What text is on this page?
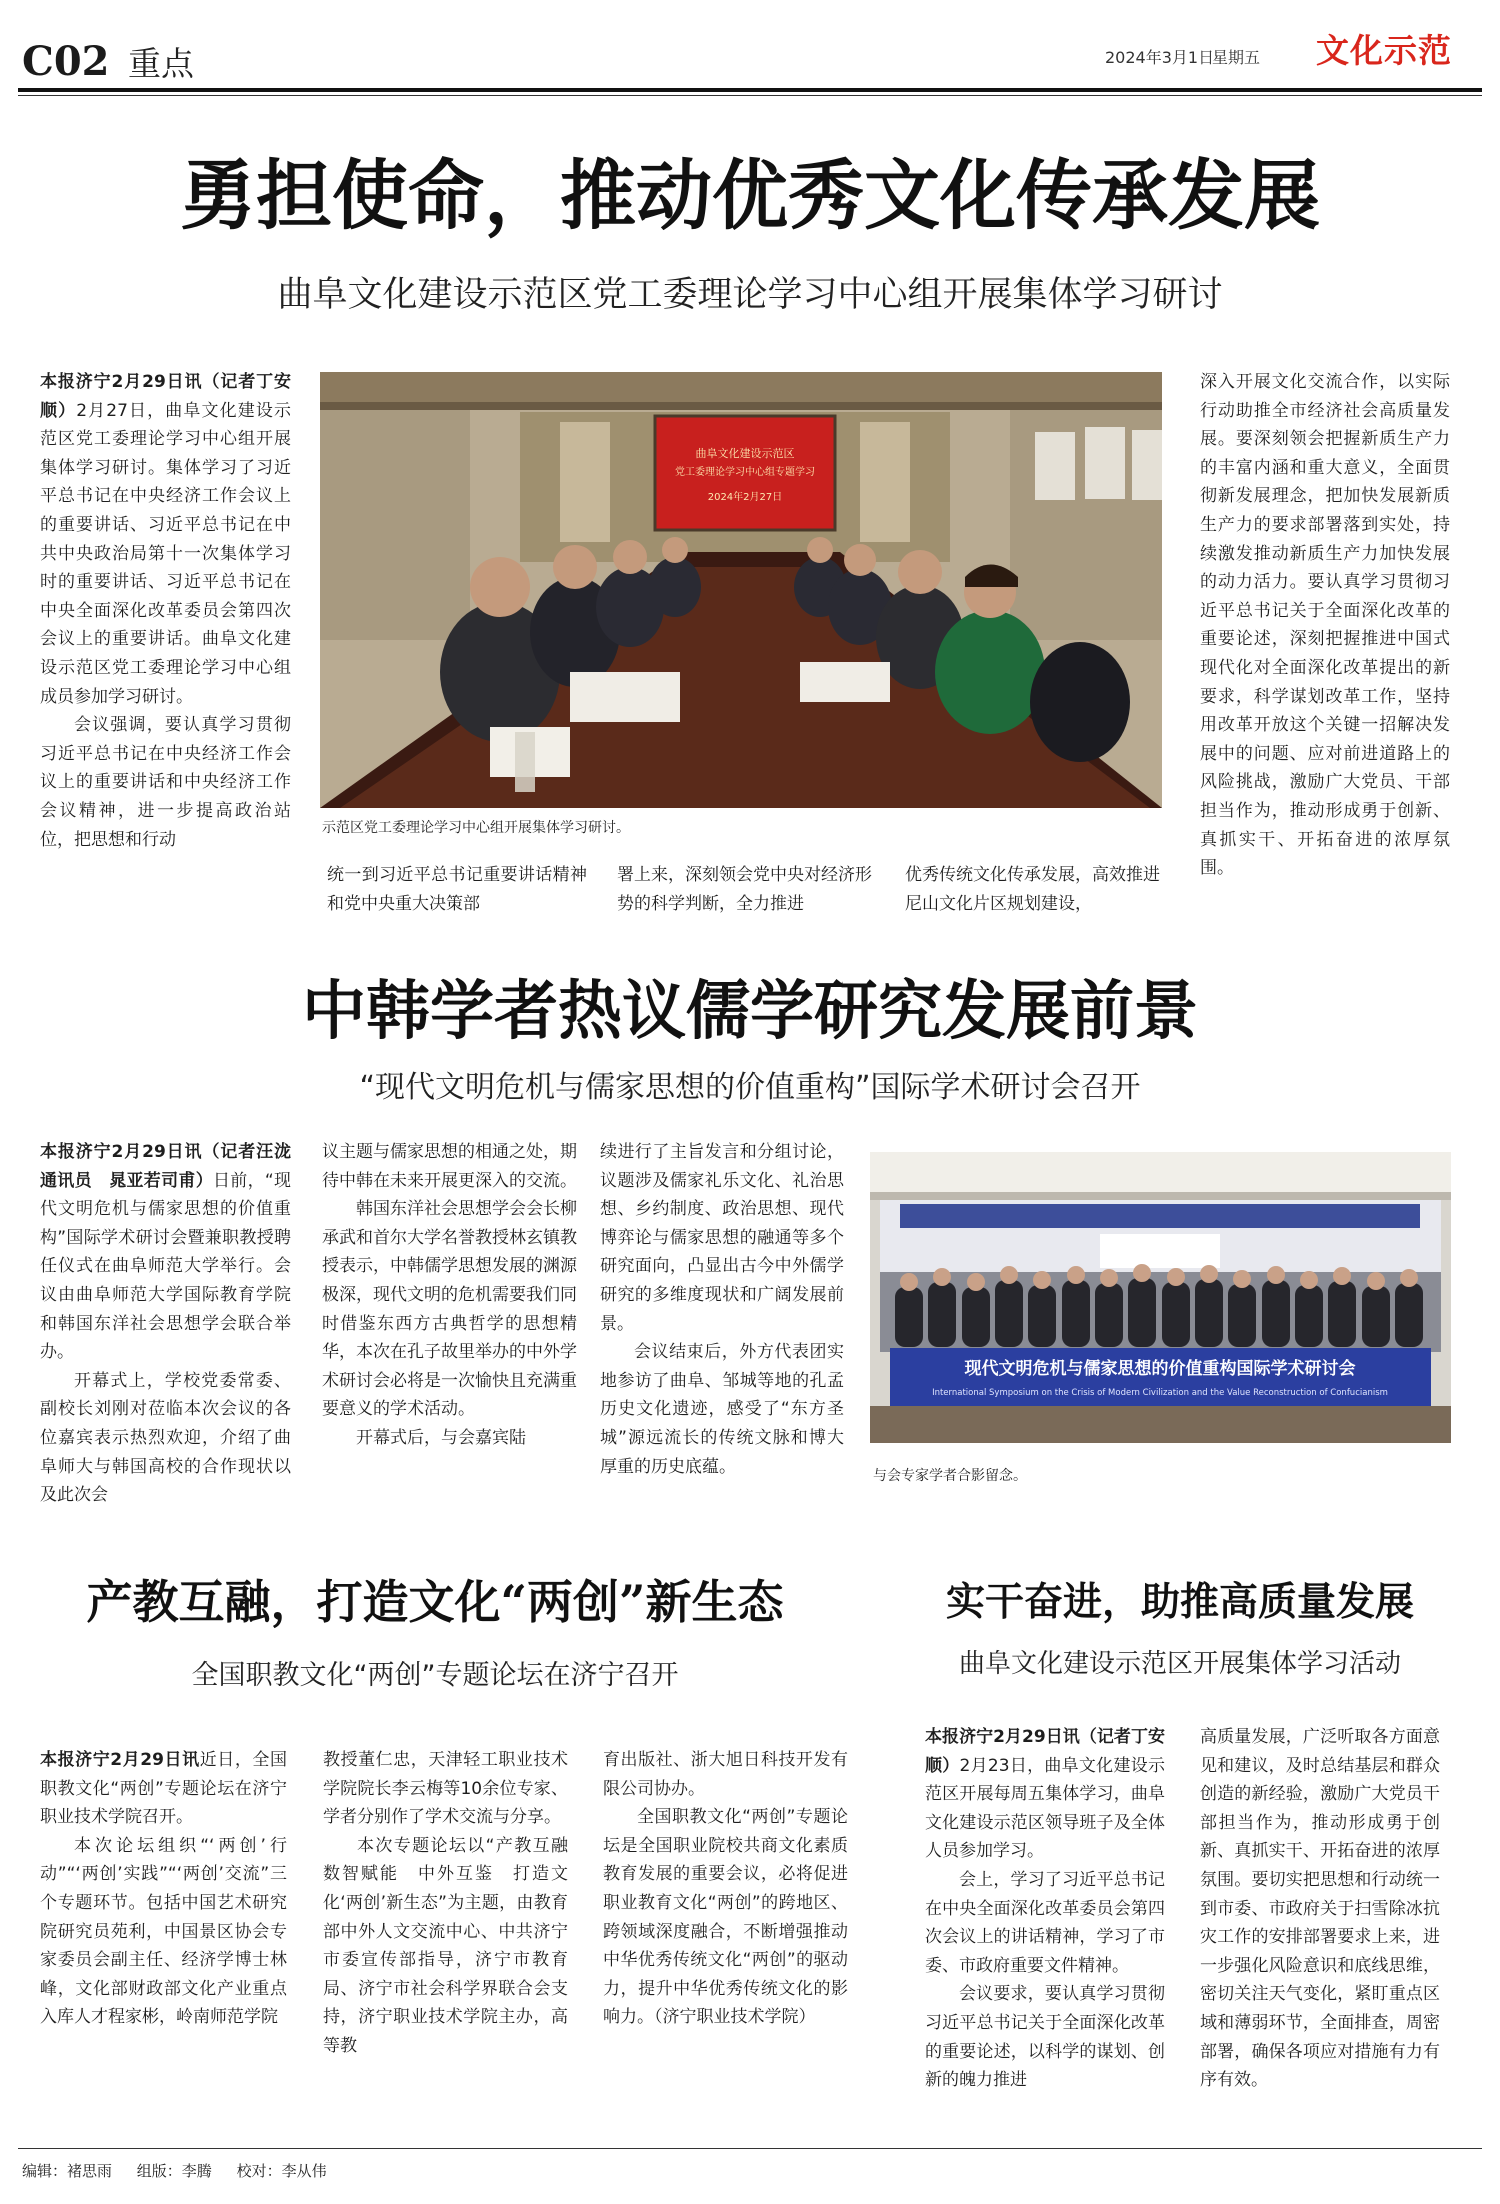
C02 重点	2024年3月1日
星期五 文化示范
勇担使命，推动优秀文化传承发展
曲阜文化建设示范区党工委理论学习中心组开展集体学习研讨

本报济宁2月29日讯（记者丁安顺）2月27日，曲阜文化建设示范区党工委理论学习中心组开展集体学习研讨。集体学习了习近平总书记在中央经济工作会议上的重要讲话、习近平总书记在中共中央政治局第十一次集体学习时的重要讲话、习近平总书记在中央全面深化改革委员会第四次会议上的重要讲话。曲阜文化建设示范区党工委理论学习中心组成员参加学习研讨。

会议强调，要认真学习贯彻习近平总书记在中央经济工作会议上的重要讲话和中央经济工作会议精神，进一步提高政治站位，把思想和行动

曲阜文化建设示范区
党工委理论学习中心组专题学习
2024年2月27日
示范区党工委理论学习中心组开展集体学习研讨。

统一到习近平总书记重要讲话精神和党中央重大决策部

署上来，深刻领会党中央对经济形势的科学判断，全力推进

优秀传统文化传承发展，高效推进尼山文化片区规划建设，

深入开展文化交流合作，以实际行动助推全市经济社会高质量发展。要深刻领会把握新质生产力的丰富内涵和重大意义，全面贯彻新发展理念，把加快发展新质生产力的要求部署落到实处，持续激发推动新质生产力加快发展的动力活力。要认真学习贯彻习近平总书记关于全面深化改革的重要论述，深刻把握推进中国式现代化对全面深化改革提出的新要求，科学谋划改革工作，坚持用改革开放这个关键一招解决发展中的问题、应对前进道路上的风险挑战，激励广大党员、干部担当作为，推动形成勇于创新、真抓实干、开拓奋进的浓厚氛围。

中韩学者热议儒学研究发展前景
“现代文明危机与儒家思想的价值重构”国际学术研讨会召开

本报济宁2月29日讯（记者汪泷　通讯员　晁亚若司甫）日前，“现代文明危机与儒家思想的价值重构”国际学术研讨会暨兼职教授聘任仪式在曲阜师范大学举行。会议由曲阜师范大学国际教育学院和韩国东洋社会思想学会联合举办。

开幕式上，学校党委常委、副校长刘刚对莅临本次会议的各位嘉宾表示热烈欢迎，介绍了曲阜师大与韩国高校的合作现状以及此次会

议主题与儒家思想的相通之处，期待中韩在未来开展更深入的交流。

韩国东洋社会思想学会会长柳承武和首尔大学名誉教授林玄镇教授表示，中韩儒学思想发展的渊源极深，现代文明的危机需要我们同时借鉴东西方古典哲学的思想精华，本次在孔子故里举办的中外学术研讨会必将是一次愉快且充满重要意义的学术活动。

开幕式后，与会嘉宾陆

续进行了主旨发言和分组讨论，议题涉及儒家礼乐文化、礼治思想、乡约制度、政治思想、现代博弈论与儒家思想的融通等多个研究面向，凸显出古今中外儒学研究的多维度现状和广阔发展前景。

会议结束后，外方代表团实地参访了曲阜、邹城等地的孔孟历史文化遗迹，感受了“东方圣城”源远流长的传统文脉和博大厚重的历史底蕴。

现代文明危机与儒家思想的价值重构国际学术研讨会
International Symposium on the Crisis of Modern Civilization and the Value Reconstruction of Confucianism
与会专家学者合影留念。
产教互融，打造文化“两创”新生态
全国职教文化“两创”专题论坛在济宁召开

本报济宁2月29日讯近日，全国职教文化“两创”专题论坛在济宁职业技术学院召开。

本次论坛组织“‘两创’行动”“‘两创’实践”“‘两创’交流”三个专题环节。包括中国艺术研究院研究员苑利，中国景区协会专家委员会副主任、经济学博士林峰，文化部财政部文化产业重点入库人才程家彬，岭南师范学院

教授董仁忠，天津轻工职业技术学院院长李云梅等10余位专家、学者分别作了学术交流与分享。

本次专题论坛以“产教互融　数智赋能　中外互鉴　打造文化‘两创’新生态”为主题，由教育部中外人文交流中心、中共济宁市委宣传部指导，济宁市教育局、济宁市社会科学界联合会支持，济宁职业技术学院主办，高等教

育出版社、浙大旭日科技开发有限公司协办。

全国职教文化“两创”专题论坛是全国职业院校共商文化素质教育发展的重要会议，必将促进职业教育文化“两创”的跨地区、跨领域深度融合，不断增强推动中华优秀传统文化“两创”的驱动力，提升中华优秀传统文化的影响力。（济宁职业技术学院）

实干奋进，助推高质量发展
曲阜文化建设示范区开展集体学习活动

本报济宁2月29日讯（记者丁安顺）2月23日，曲阜文化建设示范区开展每周五集体学习，曲阜文化建设示范区领导班子及全体人员参加学习。

会上，学习了习近平总书记在中央全面深化改革委员会第四次会议上的讲话精神，学习了市委、市政府重要文件精神。

会议要求，要认真学习贯彻习近平总书记关于全面深化改革的重要论述，以科学的谋划、创新的魄力推进

高质量发展，广泛听取各方面意见和建议，及时总结基层和群众创造的新经验，激励广大党员干部担当作为，推动形成勇于创新、真抓实干、开拓奋进的浓厚氛围。要切实把思想和行动统一到市委、市政府关于扫雪除冰抗灾工作的安排部署要求上来，进一步强化风险意识和底线思维，密切关注天气变化，紧盯重点区域和薄弱环节，全面排查，周密部署，确保各项应对措施有力有序有效。

编辑：褚思雨 组版：李腾 校对：李从伟
